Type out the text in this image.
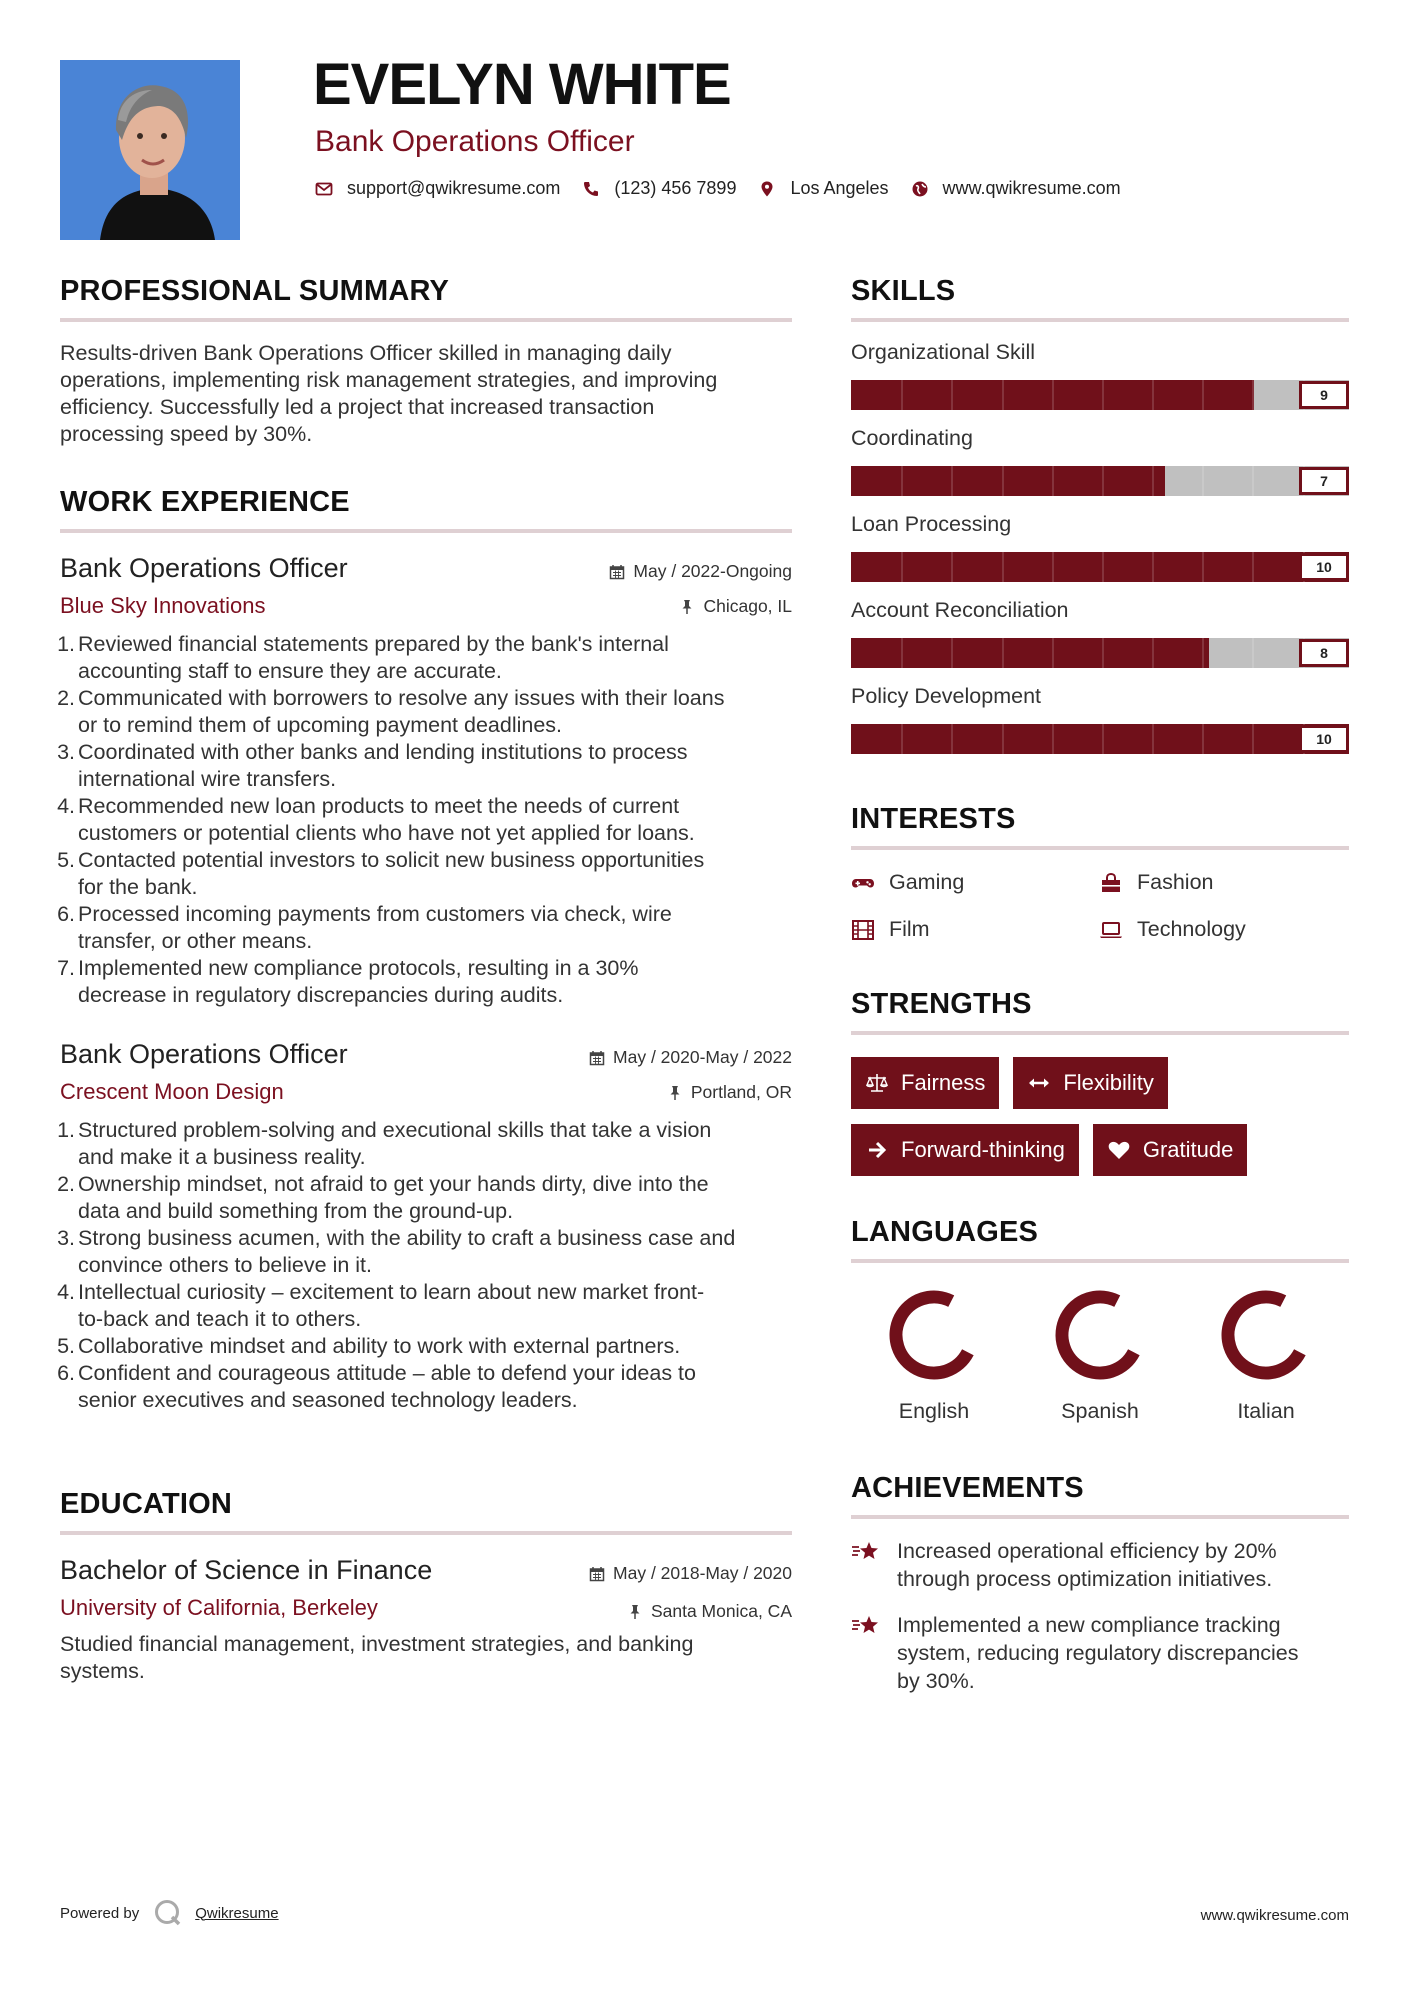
EVELYN WHITE
Bank Operations Officer
support@qwikresume.com	(123) 456 7899	Los Angeles	www.qwikresume.com
PROFESSIONAL SUMMARY
Results-driven Bank Operations Officer skilled in managing daily
operations, implementing risk management strategies, and improving
efficiency. Successfully led a project that increased transaction
processing speed by 30%.
WORK EXPERIENCE
Bank Operations Officer
Blue Sky Innovations
May / 2022-Ongoing
Chicago, IL
1. Reviewed financial statements prepared by the bank's internal
accounting staff to ensure they are accurate.
2. Communicated with borrowers to resolve any issues with their loans
or to remind them of upcoming payment deadlines.
3. Coordinated with other banks and lending institutions to process
international wire transfers.
4. Recommended new loan products to meet the needs of current
customers or potential clients who have not yet applied for loans.
5. Contacted potential investors to solicit new business opportunities
for the bank.
6. Processed incoming payments from customers via check, wire
transfer, or other means.
7. Implemented new compliance protocols, resulting in a 30%
decrease in regulatory discrepancies during audits.
Bank Operations Officer
Crescent Moon Design
May / 2020-May / 2022
Portland, OR
1. Structured problem-solving and executional skills that take a vision
and make it a business reality.
2. Ownership mindset, not afraid to get your hands dirty, dive into the
data and build something from the ground-up.
3. Strong business acumen, with the ability to craft a business case and
convince others to believe in it.
4. Intellectual curiosity – excitement to learn about new market front-
to-back and teach it to others.
5. Collaborative mindset and ability to work with external partners.
6. Confident and courageous attitude – able to defend your ideas to
senior executives and seasoned technology leaders.
EDUCATION
Bachelor of Science in Finance
University of California, Berkeley
May / 2018-May / 2020
Santa Monica, CA
Studied financial management, investment strategies, and banking
systems.
SKILLS
Organizational Skill
9
Coordinating
7
Loan Processing
10
Account Reconciliation
8
Policy Development
10
INTERESTS
Gaming	Fashion
Film	Technology
STRENGTHS
Fairness	Flexibility
Forward-thinking	Gratitude
LANGUAGES
English	Spanish	Italian
ACHIEVEMENTS
Increased operational efficiency by 20%
through process optimization initiatives.
Implemented a new compliance tracking
system, reducing regulatory discrepancies
by 30%.
Powered by	Qwikresume	www.qwikresume.com
